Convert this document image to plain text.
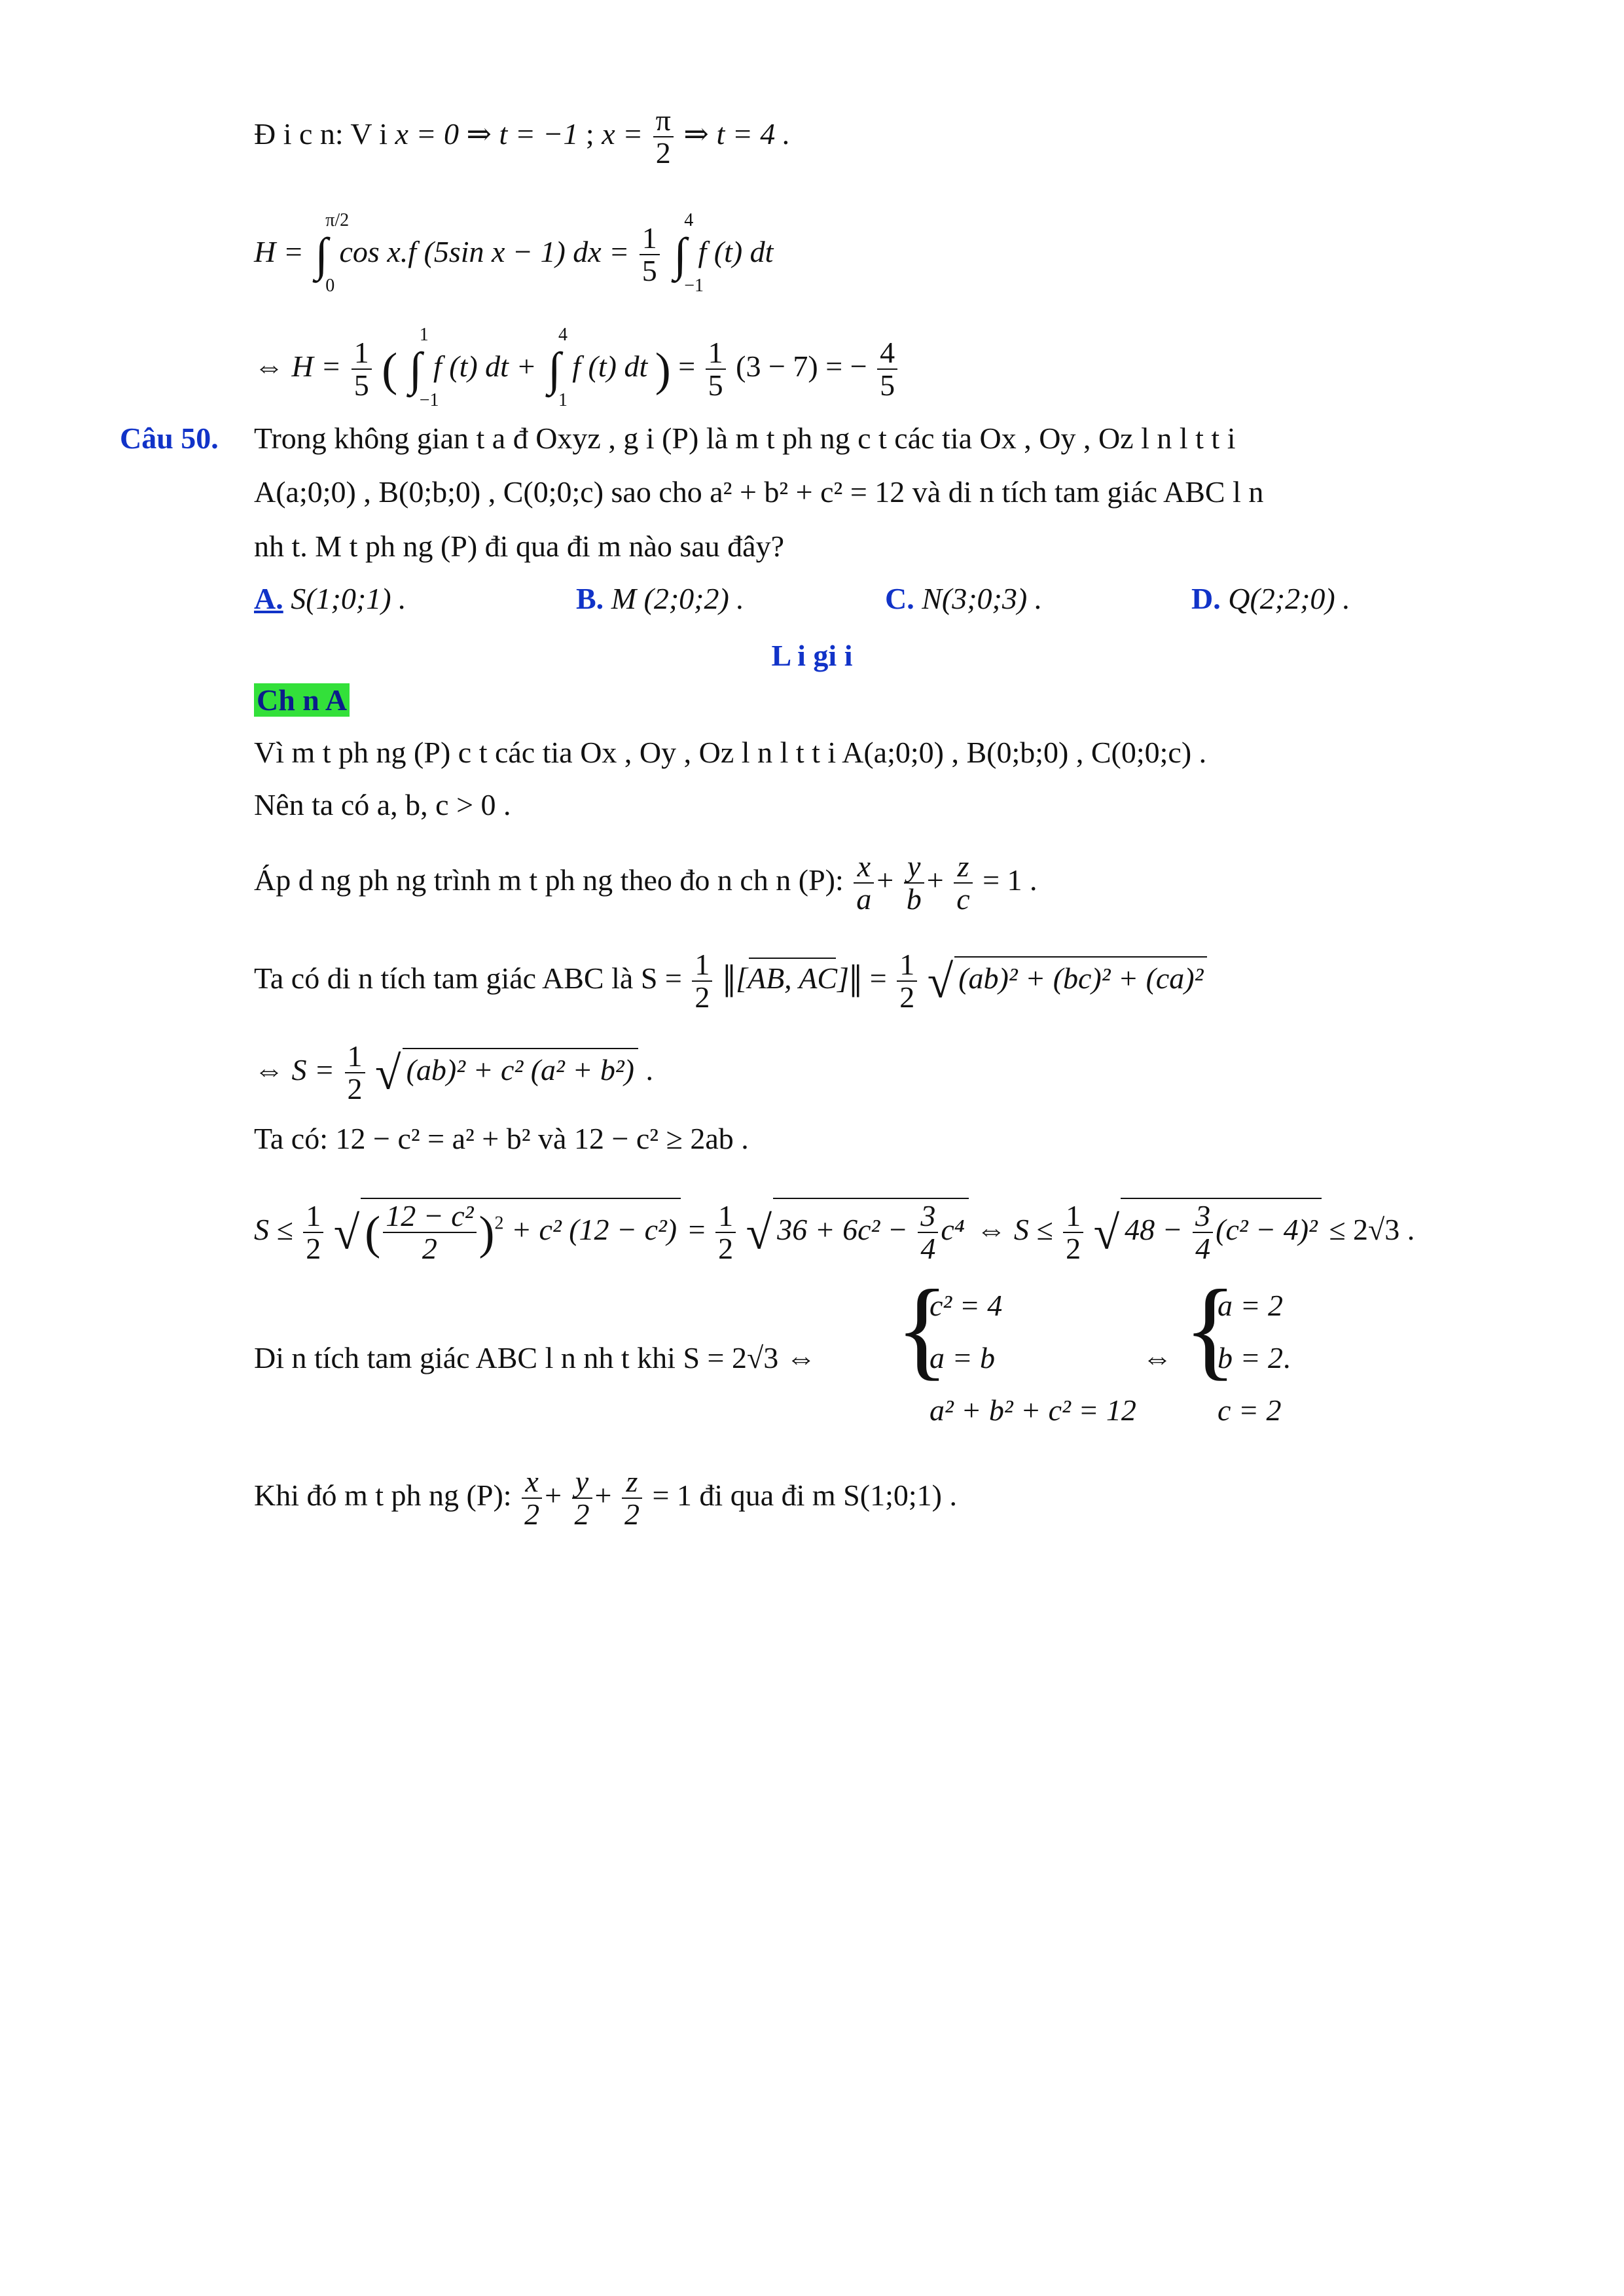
Đ i c n: V i x = 0 ⇒ t = −1 ; $x = \frac{\pi}{2}$ ⇒ t = 4 .
H = ∫
π/2
0
cos x.f (5sin x − 1) dx = $\frac{1}{5}$ ∫
4
−1
f (t) dt
⇔ $H = \frac{1}{5}$ ( ∫
1
−1
f (t) dt + ∫
4
1
f (t) dt ) = $\frac{1}{5} (3 - 7)$ = − $\frac{4}{5}$
Câu 50. Trong không gian t a đ Oxyz , g i (P) là m t ph ng c t các tia Ox , Oy , Oz l n l t t i
A(a;0;0) , B(0;b;0) , C(0;0;c) sao cho a² + b² + c² = 12 và di n tích tam giác ABC l n
nh t. M t ph ng (P) đi qua đi m nào sau đây?
A. S(1;0;1) .	B. M (2;0;2) .	C. N(3;0;3) .	D. Q(2;2;0) .
L i gi i
Ch n A
Vì m t ph ng (P) c t các tia Ox , Oy , Oz l n l t t i A(a;0;0) , B(0;b;0) , C(0;0;c) .
Nên ta có a, b, c > 0 .
Áp d ng ph ng trình m t ph ng theo đo n ch n (P): $\frac{x}{a} + \frac{y}{b} + \frac{z}{c} = 1$ .
Ta có di n tích tam giác ABC là $S = \frac{1}{2}$ ‖[AB, AC]‖ = $\frac{1}{2}$ √ (ab)² + (bc)² + (ca)²
⇔ $S = \frac{1}{2}$ √ (ab)² + c² (a² + b²) .
Ta có: 12 − c² = a² + b² và 12 − c² ≥ 2ab .
$S \le \frac{1}{2}$ √ ( $\frac{\text{12 − c²}}{2} )^2 + c^2$ $(12 - c^2) = \frac{1}{2}$ √ $36 + 6c^2 - \frac{3}{4} c^4$ ⇔ $S \le \frac{1}{2}$ √ $48 - \frac{3}{4} (c^2 - 4)^2 \le 2√3$ .
Di n tích tam giác ABC l n nh t khi S = 2√3 ⇔ {
c² = 4
a = b
a² + b² + c² = 12
⇔ {
a = 2
b = 2
c = 2
.
Khi đó m t ph ng (P): $\frac{x}{2} + \frac{y}{2} + \frac{z}{2} = 1$ đi qua đi m S(1;0;1) .
